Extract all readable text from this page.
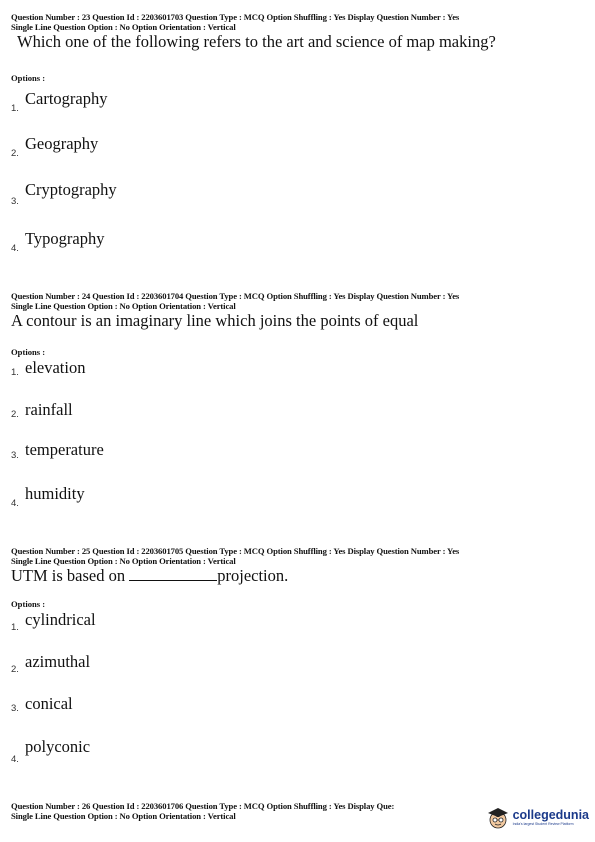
Question Number : 23 Question Id : 2203601703 Question Type : MCQ Option Shuffling : Yes Display Question Number : Yes
Single Line Question Option : No Option Orientation : Vertical
Which one of the following refers to the art and science of map making?
Options :
1.
Cartography
2.
Geography
3.
Cryptography
4.
Typography
Question Number : 24 Question Id : 2203601704 Question Type : MCQ Option Shuffling : Yes Display Question Number : Yes
Single Line Question Option : No Option Orientation : Vertical
A contour is an imaginary line which joins the points of equal
Options :
1. elevation
2. rainfall
3. temperature
4.
humidity
Question Number : 25 Question Id : 2203601705 Question Type : MCQ Option Shuffling : Yes Display Question Number : Yes
Single Line Question Option : No Option Orientation : Vertical
UTM is based on	projection.
Options :
1. cylindrical
2. azimuthal
3. conical
4.
polyconic
Question Number : 26 Question Id : 2203601706 Question Type : MCQ Option Shuffling : Yes Display Que:
Single Line Question Option : No Option Orientation : Vertical	collegedunia
India's largest Student Review Platform
